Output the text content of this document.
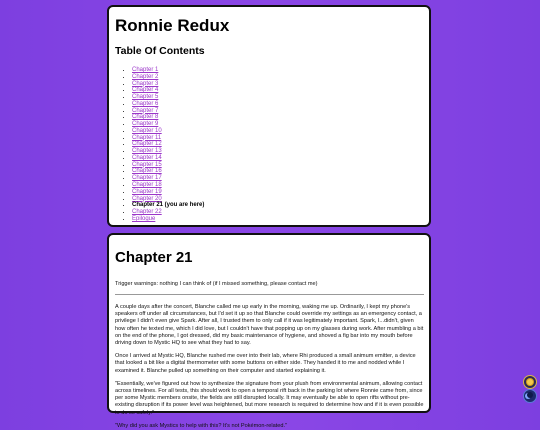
Ronnie Redux
Table Of Contents
• Chapter 1
• Chapter 2
• Chapter 3
• Chapter 4
• Chapter 5
• Chapter 6
• Chapter 7
• Chapter 8
• Chapter 9
• Chapter 10
• Chapter 11
• Chapter 12
• Chapter 13
• Chapter 14
• Chapter 15
• Chapter 16
• Chapter 17
• Chapter 18
• Chapter 19
• Chapter 20
• Chapter 21 (you are here)
• Chapter 22
• Epilogue
Chapter 21

Trigger warnings: nothing I can think of (if I missed something, please contact me)

A couple days after the concert, Blanche called me up early in the morning, waking me up. Ordinarily, I kept my phone's speakers off under all circumstances, but I'd set it up so that Blanche could override my settings as an emergency contact, a privilege I didn't even give Spark. After all, I trusted them to only call if it was legitimately important. Spark, I...didn't, given how often he texted me, which I did love, but I couldn't have that popping up on my glasses during work. After mumbling a bit on the end of the phone, I got dressed, did my basic maintenance of hygiene, and shoved a fig bar into my mouth before driving down to Mystic HQ to see what they had to say.

Once I arrived at Mystic HQ, Blanche rushed me over into their lab, where Rhi produced a small animum emitter, a device that looked a bit like a digital thermometer with some buttons on either side. They handed it to me and nodded while I examined it. Blanche pulled up something on their computer and started explaining it.

"Essentially, we've figured out how to synthesize the signature from your plush from environmental animum, allowing contact across timelines. For all tests, this should work to open a temporal rift back in the parking lot where Ronnie came from, since per some Mystic members onsite, the fields are still disrupted locally. It may eventually be able to open rifts without pre-existing disruption if its power level was heightened, but more research is required to determine how and if it is even possible to do so safely."

"Why did you ask Mystics to help with this? It's not Pokémon-related."
